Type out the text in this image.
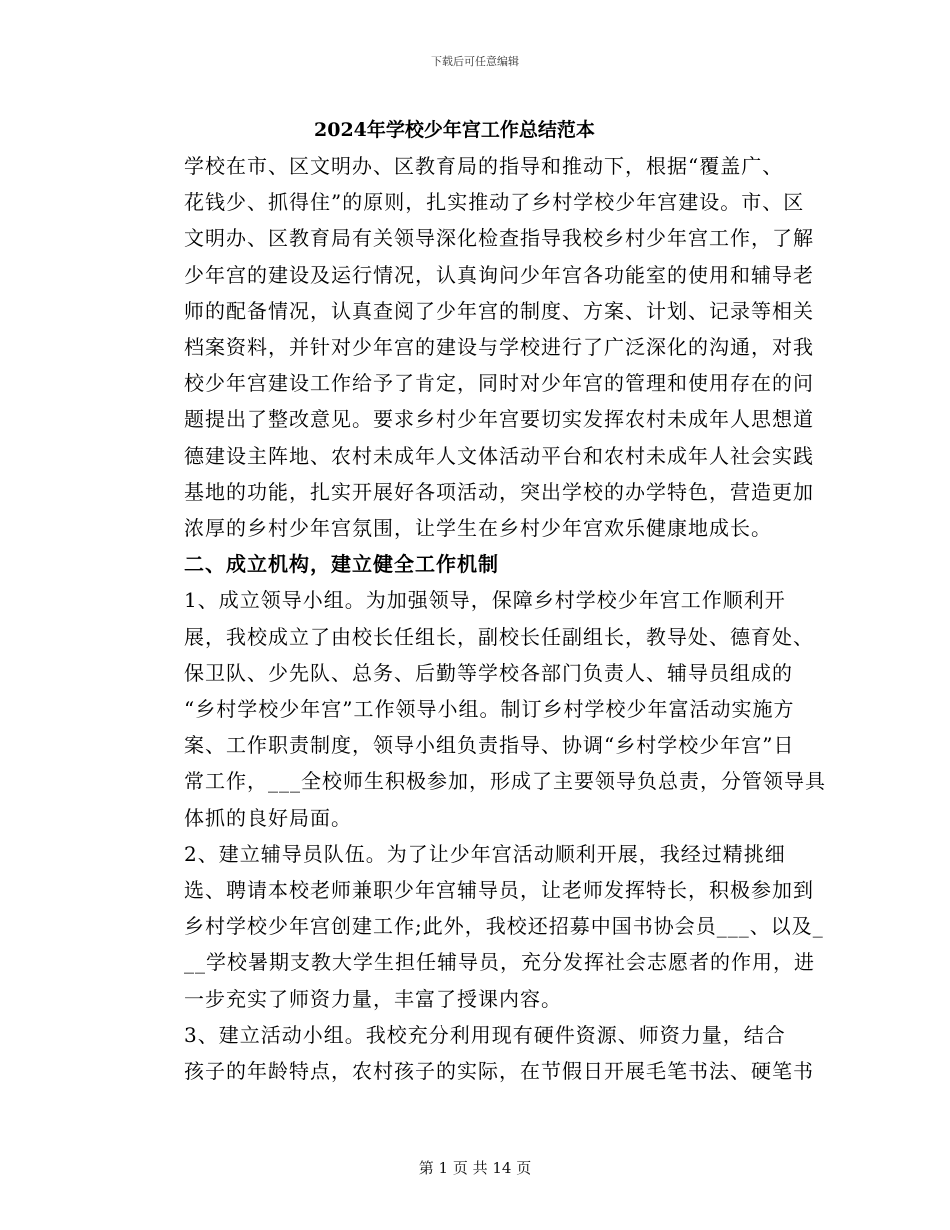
下载后可任意编辑
2024年学校少年宫工作总结范本
学校在市、区文明办、区教育局的指导和推动下，根据“覆盖广、
花钱少、抓得住”的原则，扎实推动了乡村学校少年宫建设。市、区
文明办、区教育局有关领导深化检查指导我校乡村少年宫工作，了解
少年宫的建设及运行情况，认真询问少年宫各功能室的使用和辅导老
师的配备情况，认真查阅了少年宫的制度、方案、计划、记录等相关
档案资料，并针对少年宫的建设与学校进行了广泛深化的沟通，对我
校少年宫建设工作给予了肯定，同时对少年宫的管理和使用存在的问
题提出了整改意见。要求乡村少年宫要切实发挥农村未成年人思想道
德建设主阵地、农村未成年人文体活动平台和农村未成年人社会实践
基地的功能，扎实开展好各项活动，突出学校的办学特色，营造更加
浓厚的乡村少年宫氛围，让学生在乡村少年宫欢乐健康地成长。
二、成立机构，建立健全工作机制
1、成立领导小组。为加强领导，保障乡村学校少年宫工作顺利开
展，我校成立了由校长任组长，副校长任副组长，教导处、德育处、
保卫队、少先队、总务、后勤等学校各部门负责人、辅导员组成的
“乡村学校少年宫”工作领导小组。制订乡村学校少年富活动实施方
案、工作职责制度，领导小组负责指导、协调“乡村学校少年宫”日
常工作，___全校师生积极参加，形成了主要领导负总责，分管领导具
体抓的良好局面。
2、建立辅导员队伍。为了让少年宫活动顺利开展，我经过精挑细
选、聘请本校老师兼职少年宫辅导员，让老师发挥特长，积极参加到
乡村学校少年宫创建工作;此外，我校还招募中国书协会员___、以及_
__学校暑期支教大学生担任辅导员，充分发挥社会志愿者的作用，进
一步充实了师资力量，丰富了授课内容。
3、建立活动小组。我校充分利用现有硬件资源、师资力量，结合
孩子的年龄特点，农村孩子的实际，在节假日开展毛笔书法、硬笔书
第 1 页 共 14 页
